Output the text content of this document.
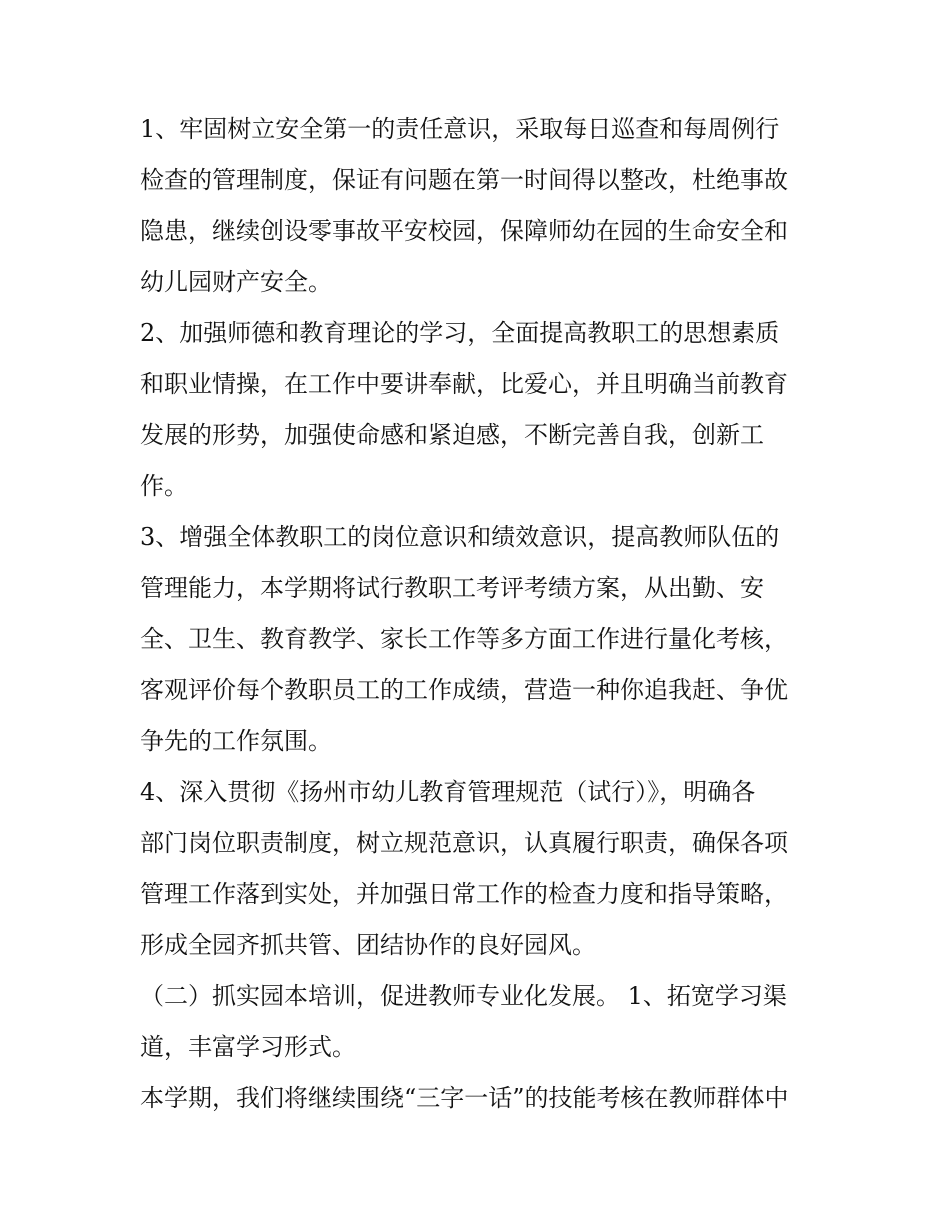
1、牢固树立安全第一的责任意识，采取每日巡查和每周例行
检查的管理制度，保证有问题在第一时间得以整改，杜绝事故
隐患，继续创设零事故平安校园，保障师幼在园的生命安全和
幼儿园财产安全。
2、加强师德和教育理论的学习，全面提高教职工的思想素质
和职业情操，在工作中要讲奉献，比爱心，并且明确当前教育
发展的形势，加强使命感和紧迫感，不断完善自我，创新工
作。
3、增强全体教职工的岗位意识和绩效意识，提高教师队伍的
管理能力，本学期将试行教职工考评考绩方案，从出勤、安
全、卫生、教育教学、家长工作等多方面工作进行量化考核，
客观评价每个教职员工的工作成绩，营造一种你追我赶、争优
争先的工作氛围。
4、深入贯彻《扬州市幼儿教育管理规范（试行）》，明确各
部门岗位职责制度，树立规范意识，认真履行职责，确保各项
管理工作落到实处，并加强日常工作的检查力度和指导策略，
形成全园齐抓共管、团结协作的良好园风。
（二）抓实园本培训，促进教师专业化发展。 1、拓宽学习渠
道，丰富学习形式。
本学期，我们将继续围绕“三字一话”的技能考核在教师群体中
